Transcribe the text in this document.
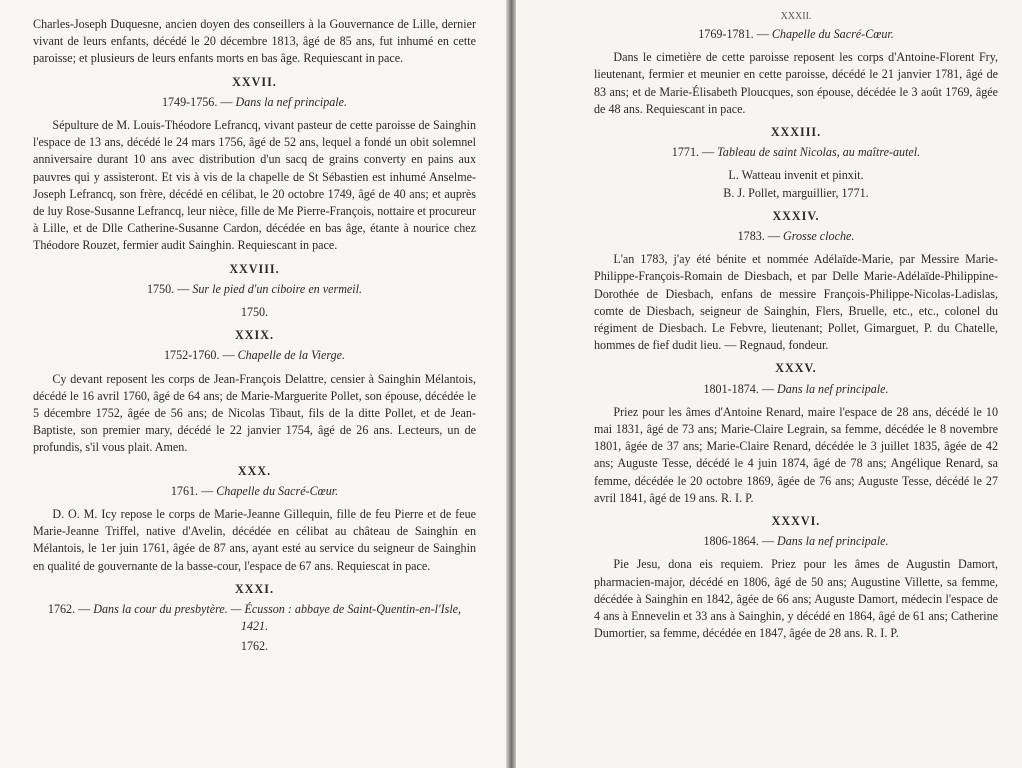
Charles-Joseph Duquesne, ancien doyen des conseillers à la Gouvernance de Lille, dernier vivant de leurs enfants, décédé le 20 décembre 1813, âgé de 85 ans, fut inhumé en cette paroisse; et plusieurs de leurs enfants morts en bas âge. Requiescant in pace.

XXVII.
1749-1756. — Dans la nef principale.

Sépulture de M. Louis-Théodore Lefrancq, vivant pasteur de cette paroisse de Sainghin l'espace de 13 ans, décédé le 24 mars 1756, âgé de 52 ans, lequel a fondé un obit solemnel anniversaire durant 10 ans avec distribution d'un sacq de grains converty en pains aux pauvres qui y assisteront. Et vis à vis de la chapelle de St Sébastien est inhumé Anselme-Joseph Lefrancq, son frère, décédé en célibat, le 20 octobre 1749, âgé de 40 ans; et auprès de luy Rose-Susanne Lefrancq, leur nièce, fille de Me Pierre-François, nottaire et procureur à Lille, et de Dlle Catherine-Susanne Cardon, décédée en bas âge, étante à nourice chez Théodore Rouzet, fermier audit Sainghin. Requiescant in pace.

XXVIII.
1750. — Sur le pied d'un ciboire en vermeil.
1750.
XXIX.
1752-1760. — Chapelle de la Vierge.

Cy devant reposent les corps de Jean-François Delattre, censier à Sainghin Mélantois, décédé le 16 avril 1760, âgé de 64 ans; de Marie-Marguerite Pollet, son épouse, décédée le 5 décembre 1752, âgée de 56 ans; de Nicolas Tibaut, fils de la ditte Pollet, et de Jean-Baptiste, son premier mary, décédé le 22 janvier 1754, âgé de 26 ans. Lecteurs, un de profundis, s'il vous plait. Amen.

XXX.
1761. — Chapelle du Sacré-Cœur.

D. O. M. Icy repose le corps de Marie-Jeanne Gillequin, fille de feu Pierre et de feue Marie-Jeanne Triffel, native d'Avelin, décédée en célibat au château de Sainghin en Mélantois, le 1er juin 1761, âgée de 87 ans, ayant esté au service du seigneur de Sainghin en qualité de gouvernante de la basse-cour, l'espace de 67 ans. Requiescat in pace.

XXXI.
1762. — Dans la cour du presbytère. — Écusson : abbaye de Saint-Quentin-en-l'Isle, 1421.
1762.
XXXII.
1769-1781. — Chapelle du Sacré-Cœur.

Dans le cimetière de cette paroisse reposent les corps d'Antoine-Florent Fry, lieutenant, fermier et meunier en cette paroisse, décédé le 21 janvier 1781, âgé de 83 ans; et de Marie-Élisabeth Ploucques, son épouse, décédée le 3 août 1769, âgée de 48 ans. Requiescant in pace.

XXXIII.
1771. — Tableau de saint Nicolas, au maître-autel.
L. Watteau invenit et pinxit.
B. J. Pollet, marguillier, 1771.
XXXIV.
1783. — Grosse cloche.

L'an 1783, j'ay été bénite et nommée Adélaïde-Marie, par Messire Marie-Philippe-François-Romain de Diesbach, et par Delle Marie-Adélaïde-Philippine-Dorothée de Diesbach, enfans de messire François-Philippe-Nicolas-Ladislas, comte de Diesbach, seigneur de Sainghin, Flers, Bruelle, etc., etc., colonel du régiment de Diesbach. Le Febvre, lieutenant; Pollet, Gimarguet, P. du Chatelle, hommes de fief dudit lieu. — Regnaud, fondeur.

XXXV.
1801-1874. — Dans la nef principale.

Priez pour les âmes d'Antoine Renard, maire l'espace de 28 ans, décédé le 10 mai 1831, âgé de 73 ans; Marie-Claire Legrain, sa femme, décédée le 8 novembre 1801, âgée de 37 ans; Marie-Claire Renard, décédée le 3 juillet 1835, âgée de 42 ans; Auguste Tesse, décédé le 4 juin 1874, âgé de 78 ans; Angélique Renard, sa femme, décédée le 20 octobre 1869, âgée de 76 ans; Auguste Tesse, décédé le 27 avril 1841, âgé de 19 ans. R. I. P.

XXXVI.
1806-1864. — Dans la nef principale.

Pie Jesu, dona eis requiem. Priez pour les âmes de Augustin Damort, pharmacien-major, décédé en 1806, âgé de 50 ans; Augustine Villette, sa femme, décédée à Sainghin en 1842, âgée de 66 ans; Auguste Damort, médecin l'espace de 4 ans à Ennevelin et 33 ans à Sainghin, y décédé en 1864, âgé de 61 ans; Catherine Dumortier, sa femme, décédée en 1847, âgée de 28 ans. R. I. P.
